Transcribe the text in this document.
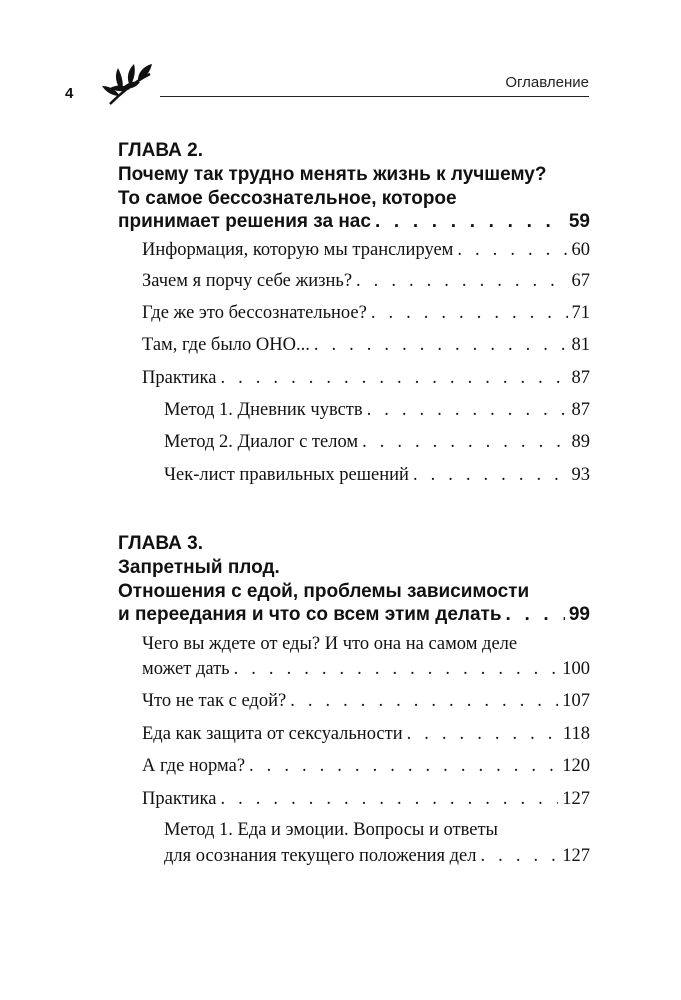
4
Оглавление
ГЛАВА 2.
Почему так трудно менять жизнь к лучшему?
То самое бессознательное, которое
принимает решения за нас . . .	59
Информация, которую мы транслируем . . .	60
Зачем я порчу себе жизнь? . . .	67
Где же это бессознательное? . . .	71
Там, где было ОНО... . . .	81
Практика . . .	87
Метод 1. Дневник чувств . . .	87
Метод 2. Диалог с телом . . .	89
Чек-лист правильных решений . . .	93
ГЛАВА 3.
Запретный плод.
Отношения с едой, проблемы зависимости
и переедания и что со всем этим делать . . .	99
Чего вы ждете от еды? И что она на самом деле
может дать . . .	100
Что не так с едой? . . .	107
Еда как защита от сексуальности . . .	118
А где норма? . . .	120
Практика . . .	127
Метод 1. Еда и эмоции. Вопросы и ответы
для осознания текущего положения дел . . .	127
